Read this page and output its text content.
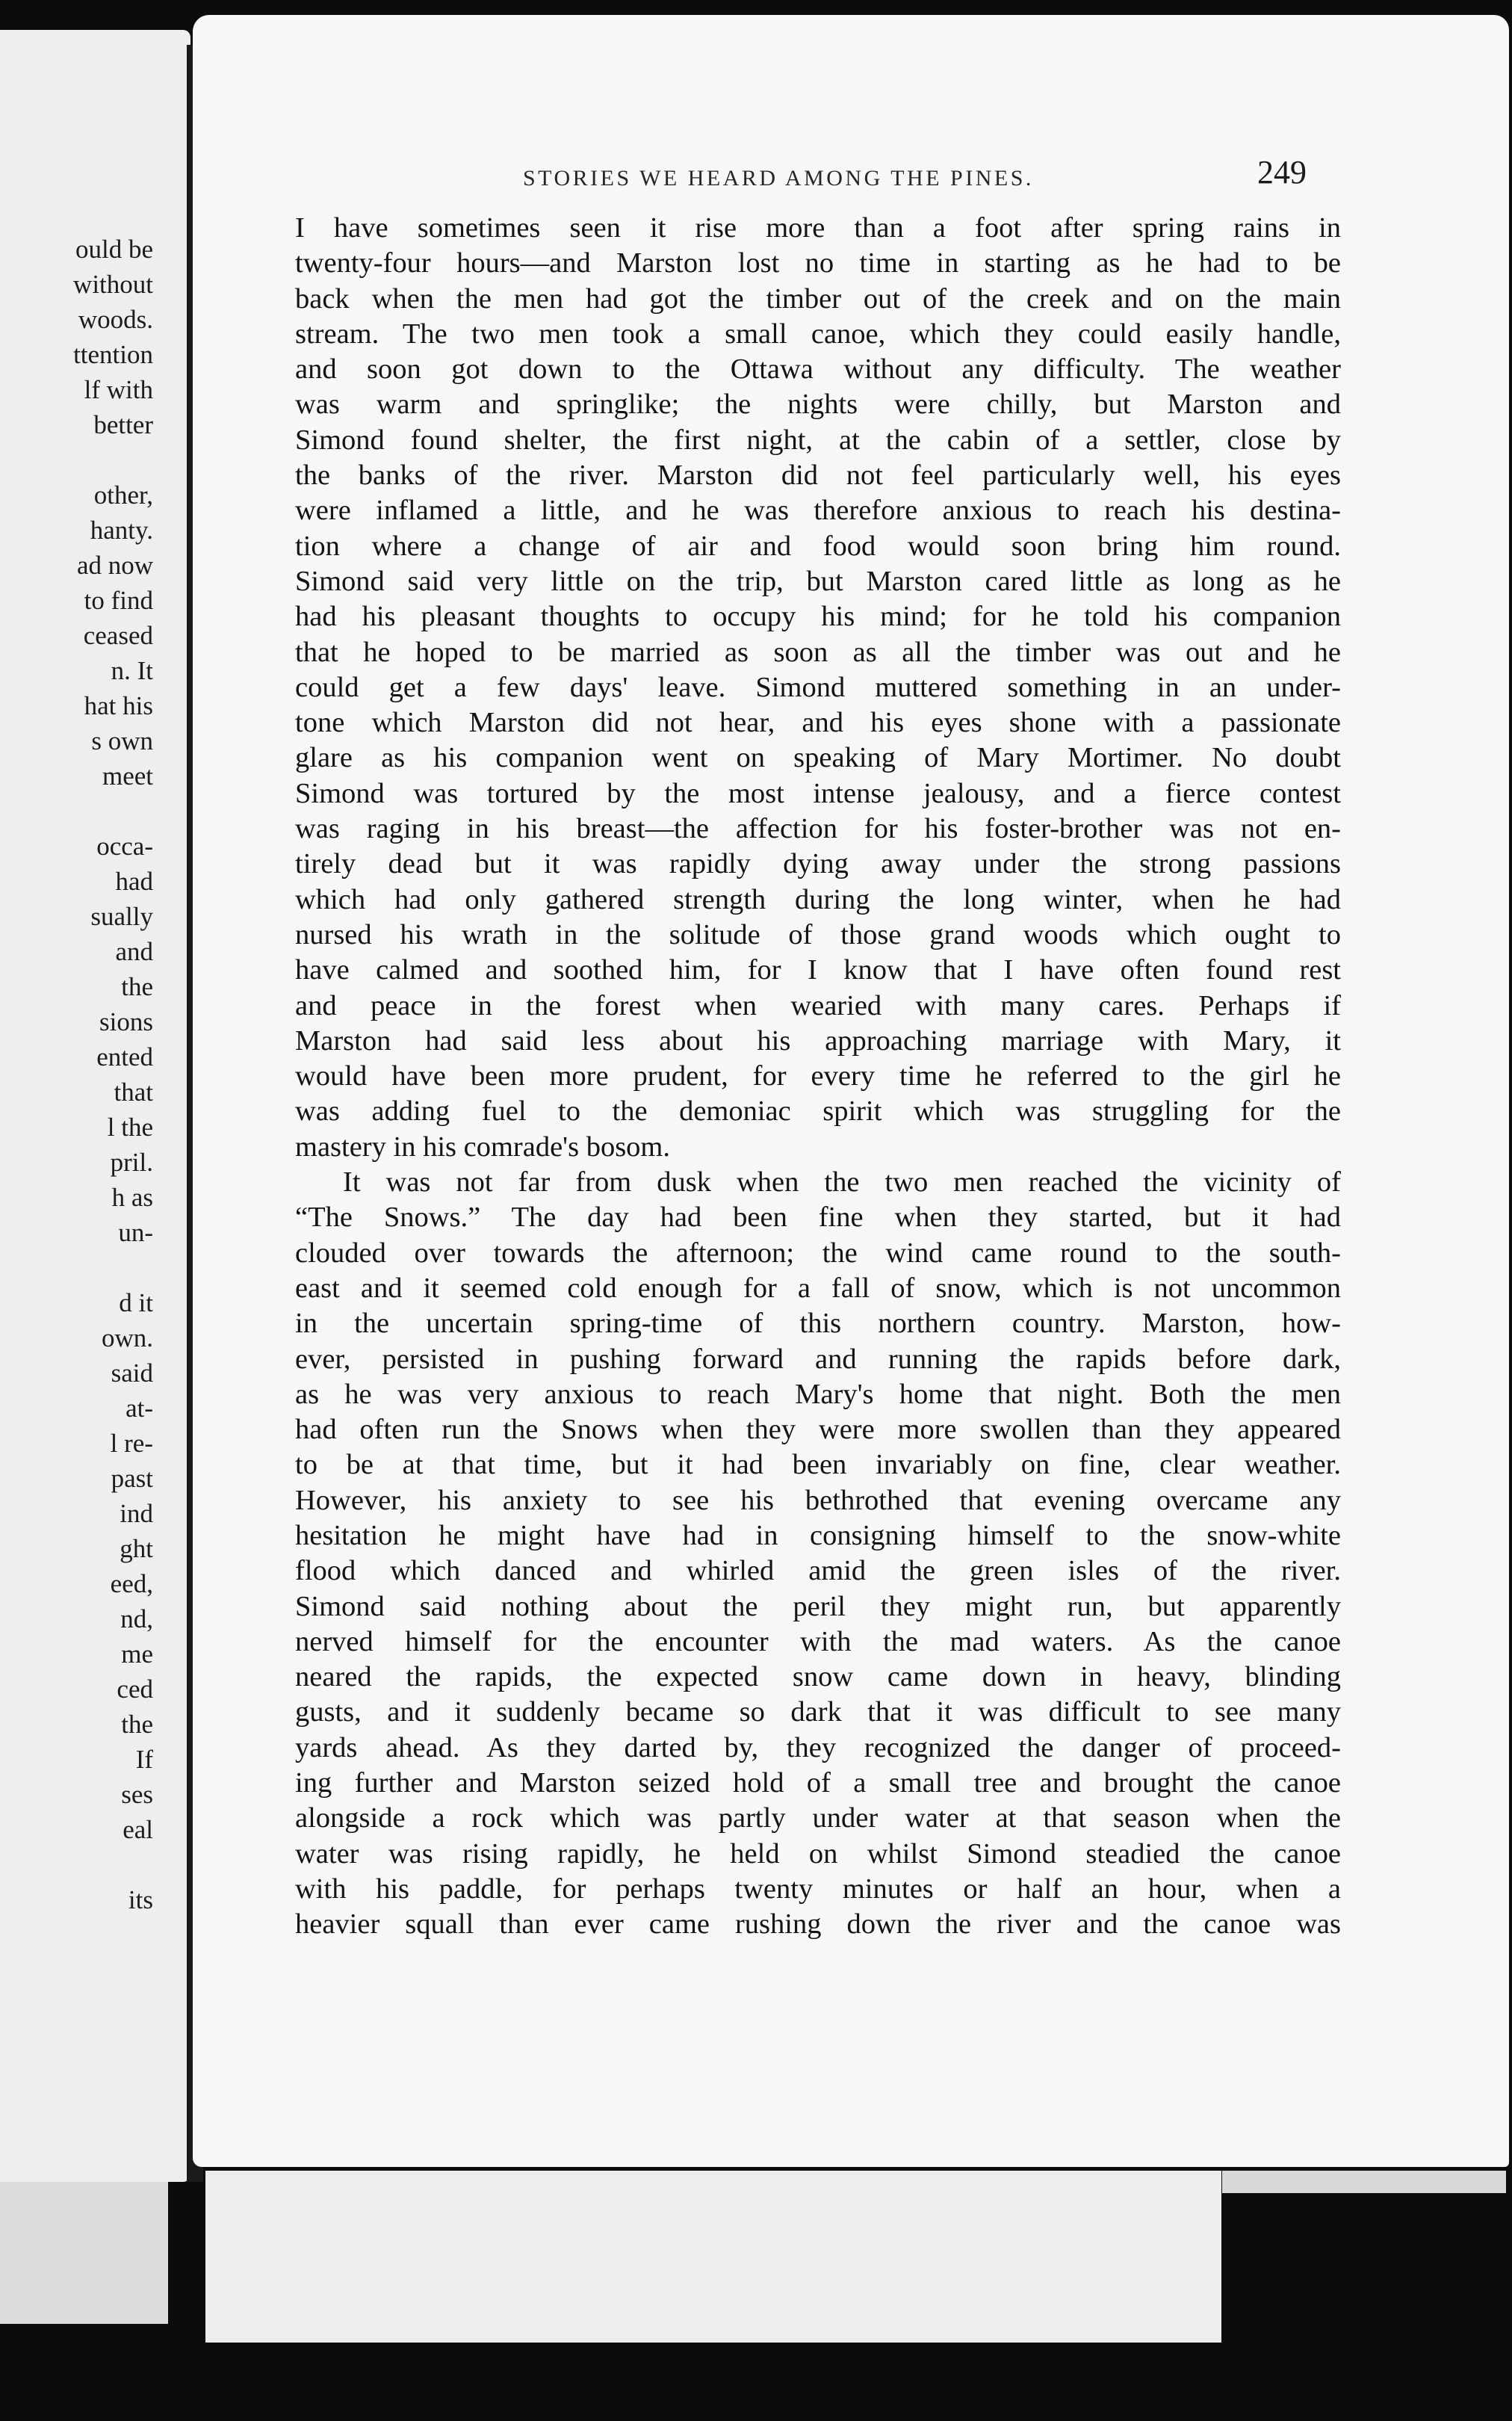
ould be
without
woods.
ttention
lf with
better
other,
hanty.
ad now
to find
ceased
n. It
hat his
s own
meet
occa-
had
sually
and
the
sions
ented
that
l the
pril.
h as
un-
d it
own.
said
at-
l re-
past
ind
ght
eed,
nd,
me
ced
the
If
ses
eal
its
STORIES WE HEARD AMONG THE PINES.	249
I have sometimes seen it rise more than a foot after spring rains in
twenty-four hours—and Marston lost no time in starting as he had to be
back when the men had got the timber out of the creek and on the main
stream. The two men took a small canoe, which they could easily handle,
and soon got down to the Ottawa without any difficulty. The weather
was warm and springlike; the nights were chilly, but Marston and
Simond found shelter, the first night, at the cabin of a settler, close by
the banks of the river. Marston did not feel particularly well, his eyes
were inflamed a little, and he was therefore anxious to reach his destina-
tion where a change of air and food would soon bring him round.
Simond said very little on the trip, but Marston cared little as long as he
had his pleasant thoughts to occupy his mind; for he told his companion
that he hoped to be married as soon as all the timber was out and he
could get a few days' leave. Simond muttered something in an under-
tone which Marston did not hear, and his eyes shone with a passionate
glare as his companion went on speaking of Mary Mortimer. No doubt
Simond was tortured by the most intense jealousy, and a fierce contest
was raging in his breast—the affection for his foster-brother was not en-
tirely dead but it was rapidly dying away under the strong passions
which had only gathered strength during the long winter, when he had
nursed his wrath in the solitude of those grand woods which ought to
have calmed and soothed him, for I know that I have often found rest
and peace in the forest when wearied with many cares. Perhaps if
Marston had said less about his approaching marriage with Mary, it
would have been more prudent, for every time he referred to the girl he
was adding fuel to the demoniac spirit which was struggling for the
mastery in his comrade's bosom.
It was not far from dusk when the two men reached the vicinity of
“The Snows.” The day had been fine when they started, but it had
clouded over towards the afternoon; the wind came round to the south-
east and it seemed cold enough for a fall of snow, which is not uncommon
in the uncertain spring-time of this northern country. Marston, how-
ever, persisted in pushing forward and running the rapids before dark,
as he was very anxious to reach Mary's home that night. Both the men
had often run the Snows when they were more swollen than they appeared
to be at that time, but it had been invariably on fine, clear weather.
However, his anxiety to see his bethrothed that evening overcame any
hesitation he might have had in consigning himself to the snow-white
flood which danced and whirled amid the green isles of the river.
Simond said nothing about the peril they might run, but apparently
nerved himself for the encounter with the mad waters. As the canoe
neared the rapids, the expected snow came down in heavy, blinding
gusts, and it suddenly became so dark that it was difficult to see many
yards ahead. As they darted by, they recognized the danger of proceed-
ing further and Marston seized hold of a small tree and brought the canoe
alongside a rock which was partly under water at that season when the
water was rising rapidly, he held on whilst Simond steadied the canoe
with his paddle, for perhaps twenty minutes or half an hour, when a
heavier squall than ever came rushing down the river and the canoe was
